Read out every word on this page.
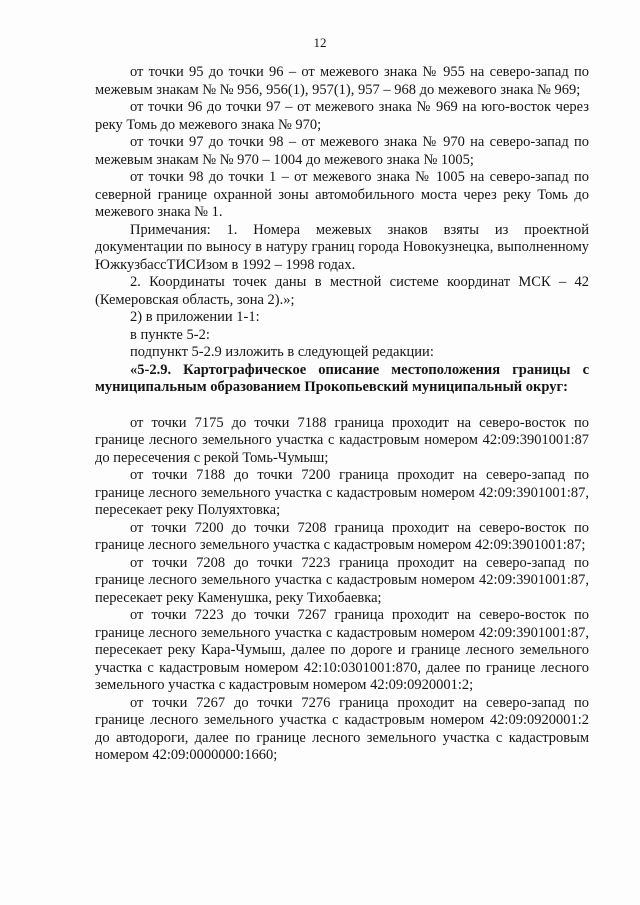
12

от точки 95 до точки 96 – от межевого знака № 955 на северо-запад по межевым знакам № № 956, 956(1), 957(1), 957 – 968 до межевого знака № 969;

от точки 96 до точки 97 – от межевого знака № 969 на юго-восток через реку Томь до межевого знака № 970;

от точки 97 до точки 98 – от межевого знака № 970 на северо-запад по межевым знакам № № 970 – 1004 до межевого знака № 1005;

от точки 98 до точки 1 – от межевого знака № 1005 на северо-запад по северной границе охранной зоны автомобильного моста через реку Томь до межевого знака № 1.

Примечания: 1. Номера межевых знаков взяты из проектной документации по выносу в натуру границ города Новокузнецка, выполненному ЮжкузбассТИСИзом в 1992 – 1998 годах.

2. Координаты точек даны в местной системе координат МСК – 42 (Кемеровская область, зона 2).»;

2) в приложении 1-1:

в пункте 5-2:

подпункт 5-2.9 изложить в следующей редакции:

«5-2.9. Картографическое описание местоположения границы с муниципальным образованием Прокопьевский муниципальный округ:

от точки 7175 до точки 7188 граница проходит на северо-восток по границе лесного земельного участка с кадастровым номером 42:09:3901001:87 до пересечения с рекой Томь-Чумыш;

от точки 7188 до точки 7200 граница проходит на северо-запад по границе лесного земельного участка с кадастровым номером 42:09:3901001:87, пересекает реку Полуяхтовка;

от точки 7200 до точки 7208 граница проходит на северо-восток по границе лесного земельного участка с кадастровым номером 42:09:3901001:87;

от точки 7208 до точки 7223 граница проходит на северо-запад по границе лесного земельного участка с кадастровым номером 42:09:3901001:87, пересекает реку Каменушка, реку Тихобаевка;

от точки 7223 до точки 7267 граница проходит на северо-восток по границе лесного земельного участка с кадастровым номером 42:09:3901001:87, пересекает реку Кара-Чумыш, далее по дороге и границе лесного земельного участка с кадастровым номером 42:10:0301001:870, далее по границе лесного земельного участка с кадастровым номером 42:09:0920001:2;

от точки 7267 до точки 7276 граница проходит на северо-запад по границе лесного земельного участка с кадастровым номером 42:09:0920001:2 до автодороги, далее по границе лесного земельного участка с кадастровым номером 42:09:0000000:1660;
